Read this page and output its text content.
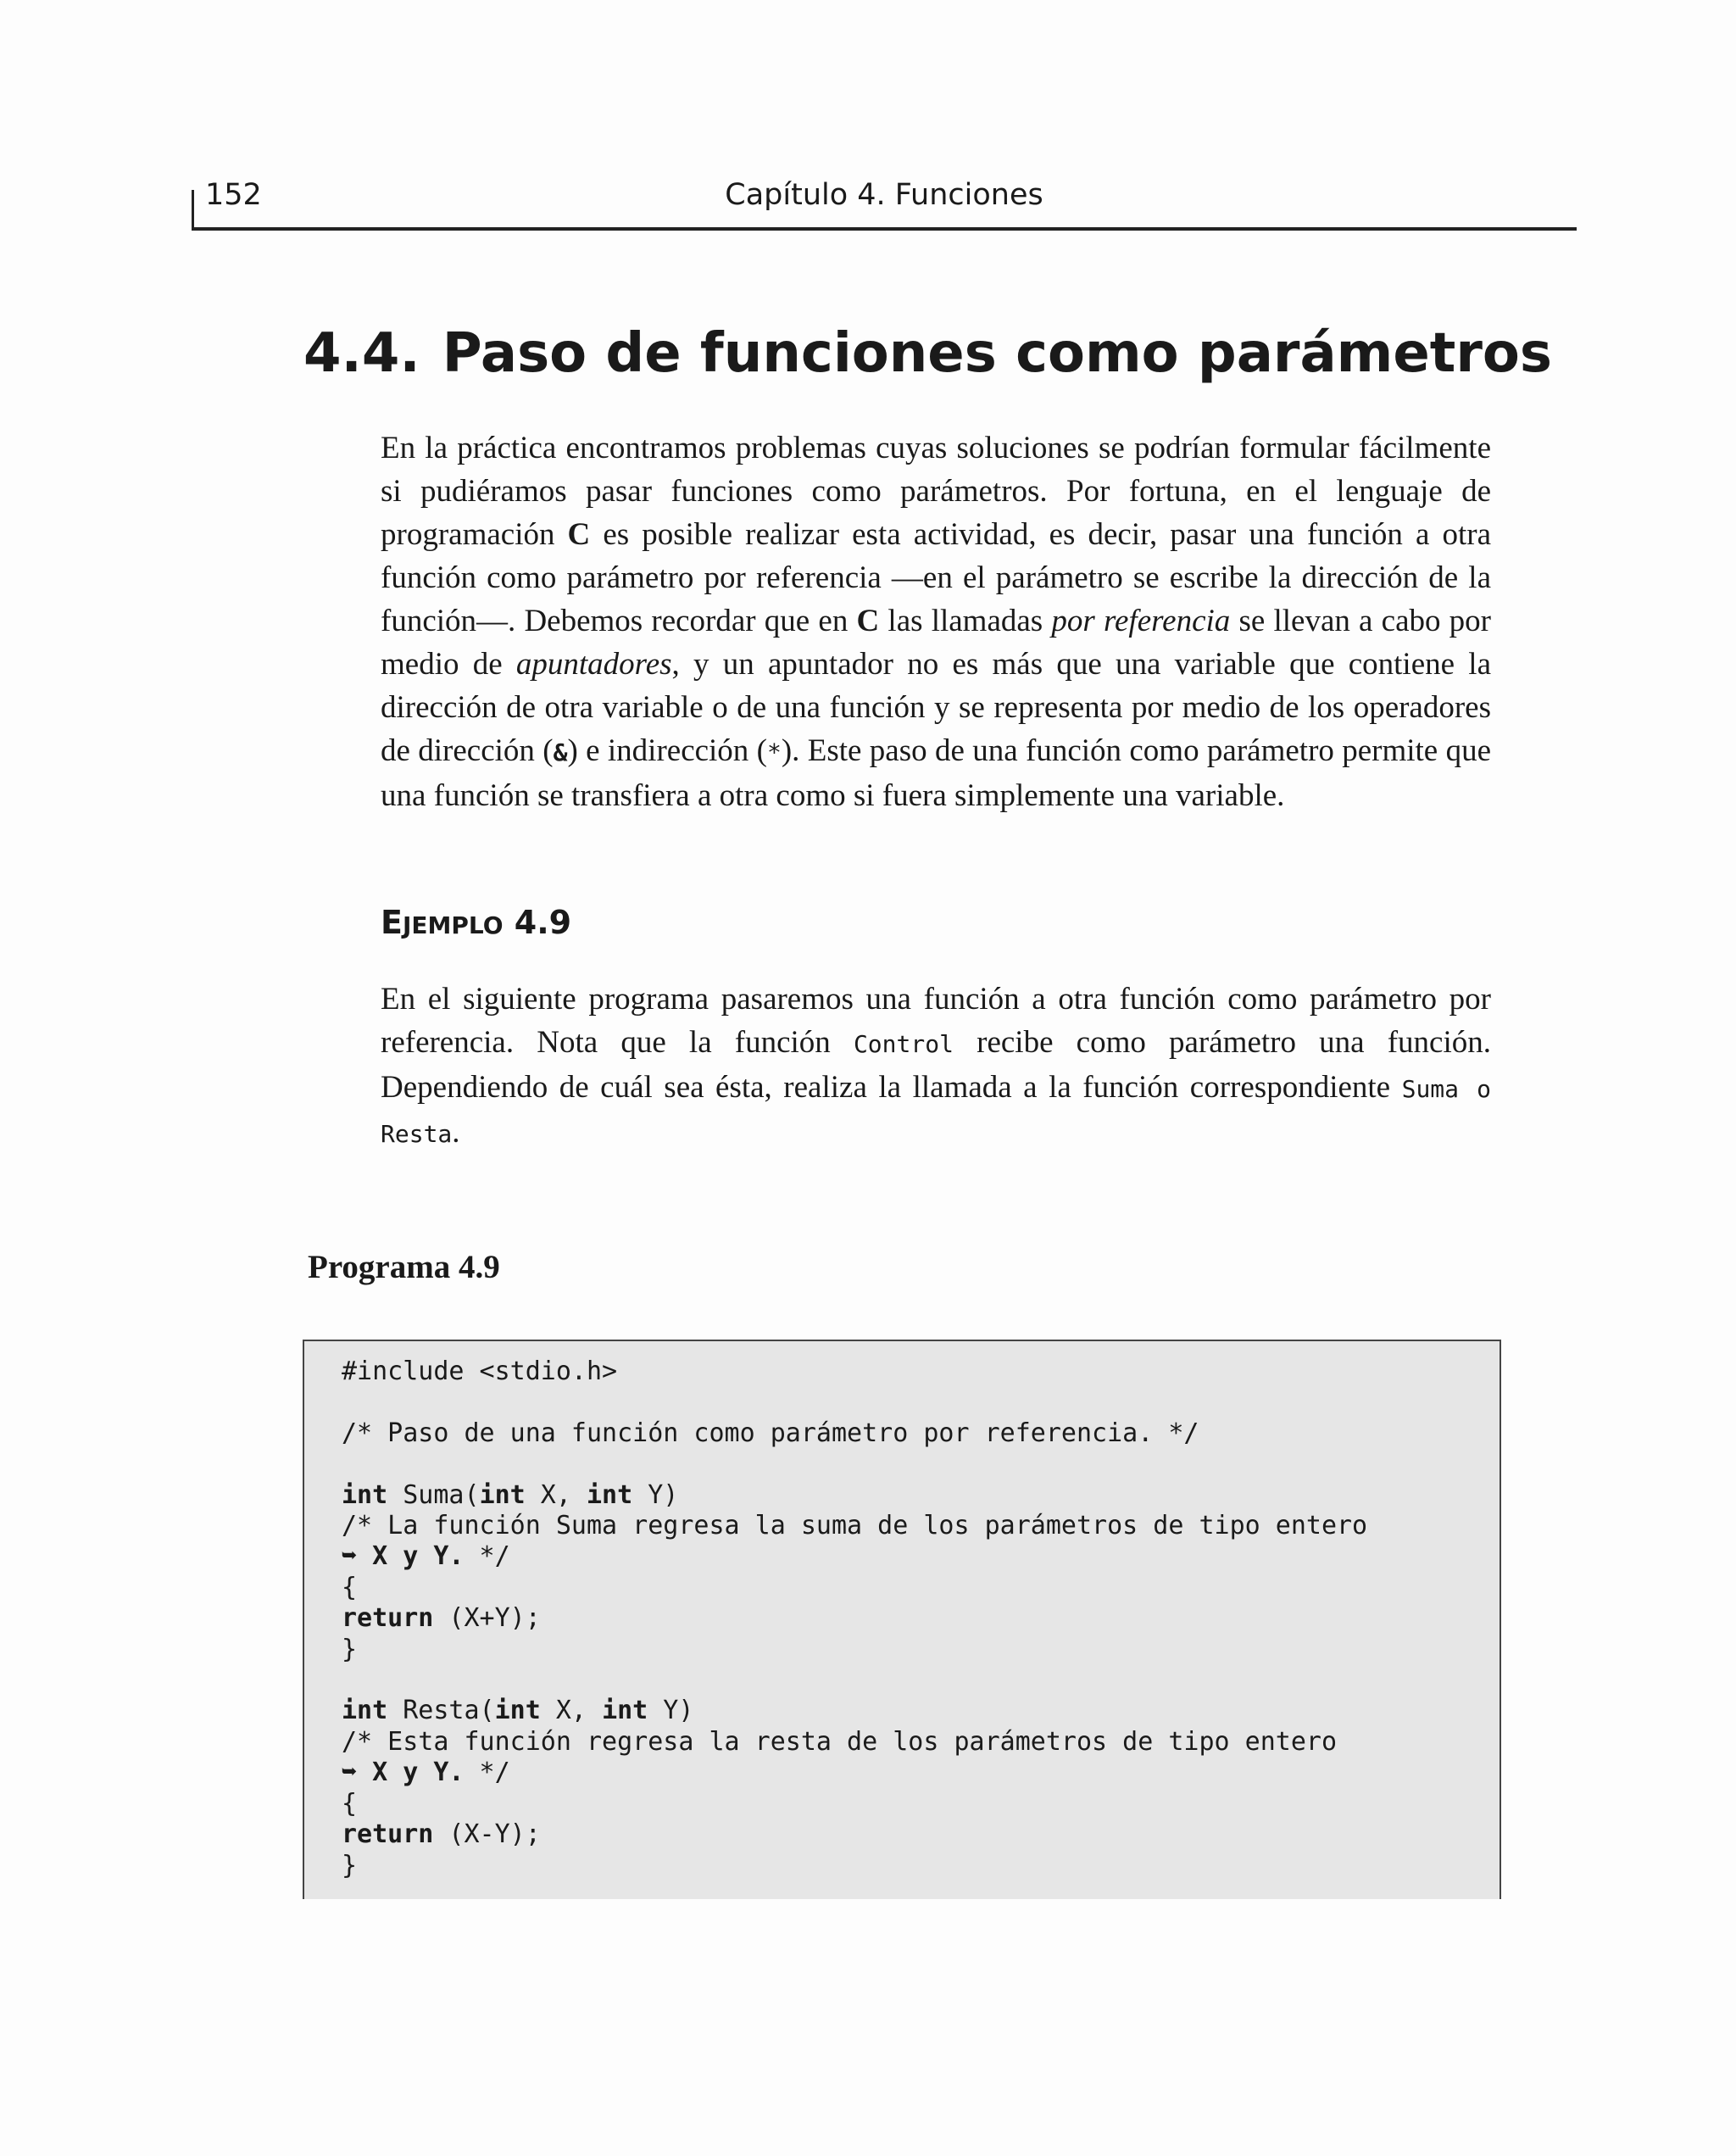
152	Capítulo 4. Funciones
4.4. Paso de funciones como parámetros

En la práctica encontramos problemas cuyas soluciones se podrían formular fácilmente si pudiéramos pasar funciones como parámetros. Por fortuna, en el lenguaje de programación C es posible realizar esta actividad, es decir, pasar una función a otra función como parámetro por referencia —en el parámetro se escribe la dirección de la función—. Debemos recordar que en C las llamadas por referencia se llevan a cabo por medio de apuntadores, y un apuntador no es más que una variable que contiene la dirección de otra variable o de una función y se representa por medio de los operadores de dirección (&) e indirección (*). Este paso de una función como parámetro permite que una función se transfiera a otra como si fuera simplemente una variable.

EJEMPLO 4.9

En el siguiente programa pasaremos una función a otra función como parámetro por referencia. Nota que la función Control recibe como parámetro una función. Dependiendo de cuál sea ésta, realiza la llamada a la función correspondiente Suma o Resta.

Programa 4.9
#include <stdio.h>

/* Paso de una función como parámetro por referencia. */

int Suma(int X, int Y)
/* La función Suma regresa la suma de los parámetros de tipo entero
➥ X y Y. */
{
return (X+Y);
}

int Resta(int X, int Y)
/* Esta función regresa la resta de los parámetros de tipo entero
➥ X y Y. */
{
return (X-Y);
}
